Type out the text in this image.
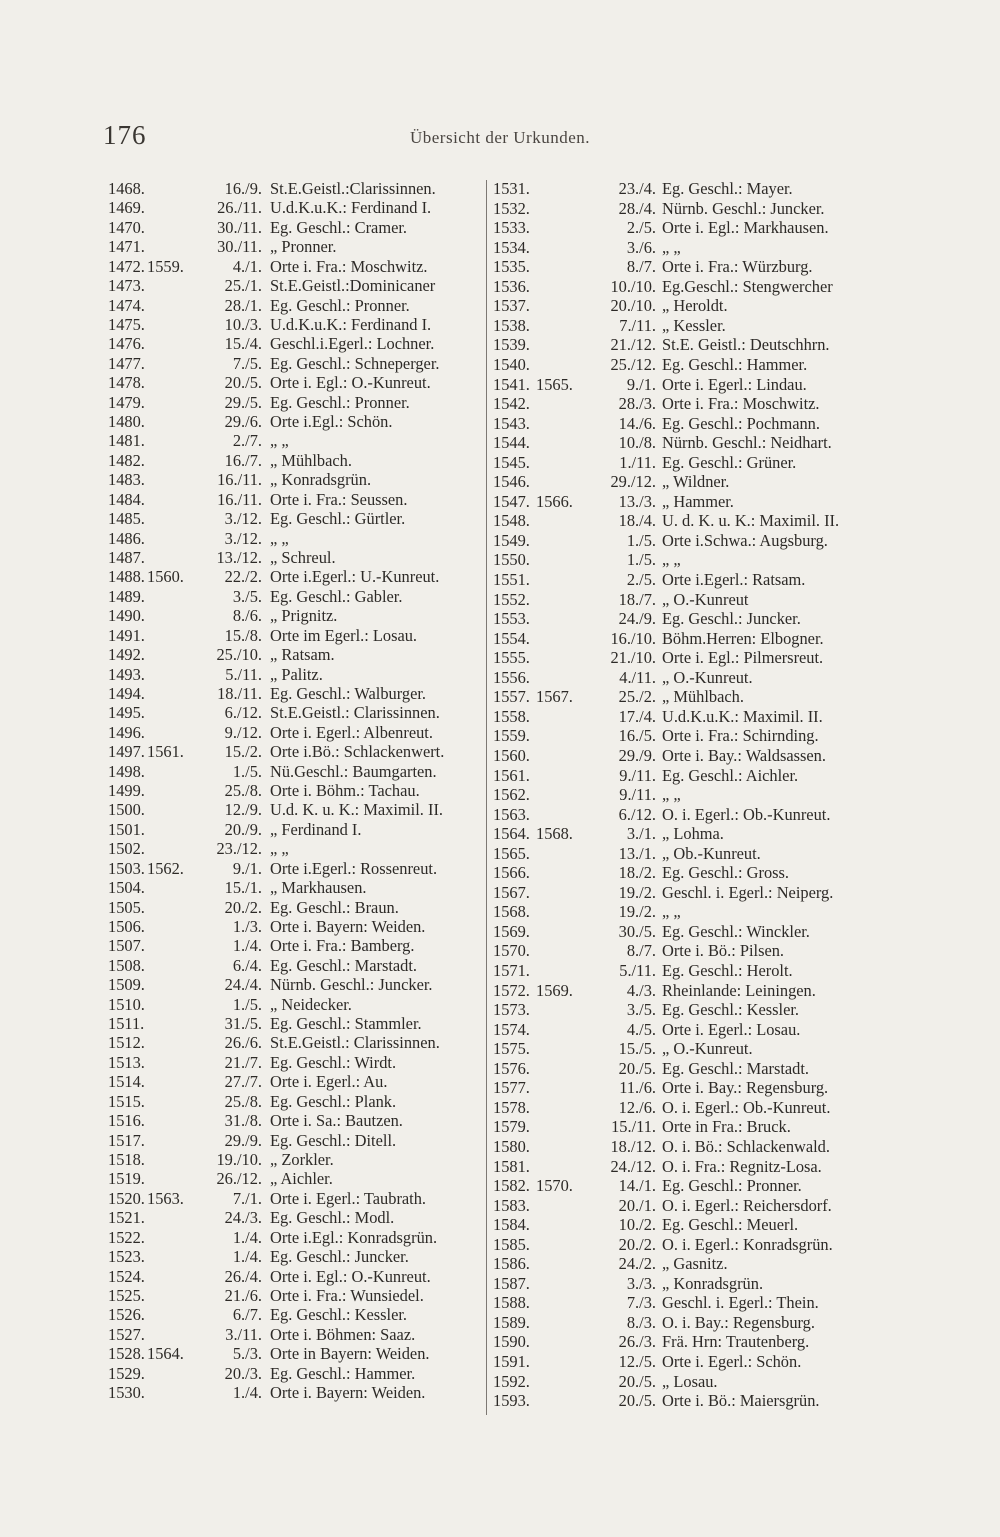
176	Übersicht der Urkunden.
1468.	16./9. St.E.Geistl.:Clarissinnen.
1469.	26./11. U.d.K.u.K.: Ferdinand I.
1470.	30./11. Eg. Geschl.: Cramer.
1471.	30./11. „ Pronner.
1472. 1559.	4./1. Orte i. Fra.: Moschwitz.
1473.	25./1. St.E.Geistl.:Dominicaner
1474.	28./1. Eg. Geschl.: Pronner.
1475.	10./3. U.d.K.u.K.: Ferdinand I.
1476.	15./4. Geschl.i.Egerl.: Lochner.
1477.	7./5. Eg. Geschl.: Schneperger.
1478.	20./5. Orte i. Egl.: O.-Kunreut.
1479.	29./5. Eg. Geschl.: Pronner.
1480.	29./6. Orte i.Egl.: Schön.
1481.	2./7. „ „
1482.	16./7. „ Mühlbach.
1483.	16./11. „ Konradsgrün.
1484.	16./11. Orte i. Fra.: Seussen.
1485.	3./12. Eg. Geschl.: Gürtler.
1486.	3./12. „ „
1487.	13./12. „ Schreul.
1488. 1560.	22./2. Orte i.Egerl.: U.-Kunreut.
1489.	3./5. Eg. Geschl.: Gabler.
1490.	8./6. „ Prignitz.
1491.	15./8. Orte im Egerl.: Losau.
1492.	25./10. „ Ratsam.
1493.	5./11. „ Palitz.
1494.	18./11. Eg. Geschl.: Walburger.
1495.	6./12. St.E.Geistl.: Clarissinnen.
1496.	9./12. Orte i. Egerl.: Albenreut.
1497. 1561.	15./2. Orte i.Bö.: Schlackenwert.
1498.	1./5. Nü.Geschl.: Baumgarten.
1499.	25./8. Orte i. Böhm.: Tachau.
1500.	12./9. U.d. K. u. K.: Maximil. II.
1501.	20./9. „ Ferdinand I.
1502.	23./12. „ „
1503. 1562.	9./1. Orte i.Egerl.: Rossenreut.
1504.	15./1. „ Markhausen.
1505.	20./2. Eg. Geschl.: Braun.
1506.	1./3. Orte i. Bayern: Weiden.
1507.	1./4. Orte i. Fra.: Bamberg.
1508.	6./4. Eg. Geschl.: Marstadt.
1509.	24./4. Nürnb. Geschl.: Juncker.
1510.	1./5. „ Neidecker.
1511.	31./5. Eg. Geschl.: Stammler.
1512.	26./6. St.E.Geistl.: Clarissinnen.
1513.	21./7. Eg. Geschl.: Wirdt.
1514.	27./7. Orte i. Egerl.: Au.
1515.	25./8. Eg. Geschl.: Plank.
1516.	31./8. Orte i. Sa.: Bautzen.
1517.	29./9. Eg. Geschl.: Ditell.
1518.	19./10. „ Zorkler.
1519.	26./12. „ Aichler.
1520. 1563.	7./1. Orte i. Egerl.: Taubrath.
1521.	24./3. Eg. Geschl.: Modl.
1522.	1./4. Orte i.Egl.: Konradsgrün.
1523.	1./4. Eg. Geschl.: Juncker.
1524.	26./4. Orte i. Egl.: O.-Kunreut.
1525.	21./6. Orte i. Fra.: Wunsiedel.
1526.	6./7. Eg. Geschl.: Kessler.
1527.	3./11. Orte i. Böhmen: Saaz.
1528. 1564.	5./3. Orte in Bayern: Weiden.
1529.	20./3. Eg. Geschl.: Hammer.
1530.	1./4. Orte i. Bayern: Weiden.
1531.	23./4. Eg. Geschl.: Mayer.
1532.	28./4. Nürnb. Geschl.: Juncker.
1533.	2./5. Orte i. Egl.: Markhausen.
1534.	3./6. „ „
1535.	8./7. Orte i. Fra.: Würzburg.
1536.	10./10. Eg.Geschl.: Stengwercher
1537.	20./10. „ Heroldt.
1538.	7./11. „ Kessler.
1539.	21./12. St.E. Geistl.: Deutschhrn.
1540.	25./12. Eg. Geschl.: Hammer.
1541. 1565.	9./1. Orte i. Egerl.: Lindau.
1542.	28./3. Orte i. Fra.: Moschwitz.
1543.	14./6. Eg. Geschl.: Pochmann.
1544.	10./8. Nürnb. Geschl.: Neidhart.
1545.	1./11. Eg. Geschl.: Grüner.
1546.	29./12. „ Wildner.
1547. 1566.	13./3. „ Hammer.
1548.	18./4. U. d. K. u. K.: Maximil. II.
1549.	1./5. Orte i.Schwa.: Augsburg.
1550.	1./5. „ „
1551.	2./5. Orte i.Egerl.: Ratsam.
1552.	18./7. „ O.-Kunreut
1553.	24./9. Eg. Geschl.: Juncker.
1554.	16./10. Böhm.Herren: Elbogner.
1555.	21./10. Orte i. Egl.: Pilmersreut.
1556.	4./11. „ O.-Kunreut.
1557. 1567.	25./2. „ Mühlbach.
1558.	17./4. U.d.K.u.K.: Maximil. II.
1559.	16./5. Orte i. Fra.: Schirnding.
1560.	29./9. Orte i. Bay.: Waldsassen.
1561.	9./11. Eg. Geschl.: Aichler.
1562.	9./11. „ „
1563.	6./12. O. i. Egerl.: Ob.-Kunreut.
1564. 1568.	3./1. „ Lohma.
1565.	13./1. „ Ob.-Kunreut.
1566.	18./2. Eg. Geschl.: Gross.
1567.	19./2. Geschl. i. Egerl.: Neiperg.
1568.	19./2. „ „
1569.	30./5. Eg. Geschl.: Winckler.
1570.	8./7. Orte i. Bö.: Pilsen.
1571.	5./11. Eg. Geschl.: Herolt.
1572. 1569.	4./3. Rheinlande: Leiningen.
1573.	3./5. Eg. Geschl.: Kessler.
1574.	4./5. Orte i. Egerl.: Losau.
1575.	15./5. „ O.-Kunreut.
1576.	20./5. Eg. Geschl.: Marstadt.
1577.	11./6. Orte i. Bay.: Regensburg.
1578.	12./6. O. i. Egerl.: Ob.-Kunreut.
1579.	15./11. Orte in Fra.: Bruck.
1580.	18./12. O. i. Bö.: Schlackenwald.
1581.	24./12. O. i. Fra.: Regnitz-Losa.
1582. 1570.	14./1. Eg. Geschl.: Pronner.
1583.	20./1. O. i. Egerl.: Reichersdorf.
1584.	10./2. Eg. Geschl.: Meuerl.
1585.	20./2. O. i. Egerl.: Konradsgrün.
1586.	24./2. „ Gasnitz.
1587.	3./3. „ Konradsgrün.
1588.	7./3. Geschl. i. Egerl.: Thein.
1589.	8./3. O. i. Bay.: Regensburg.
1590.	26./3. Frä. Hrn: Trautenberg.
1591.	12./5. Orte i. Egerl.: Schön.
1592.	20./5. „ Losau.
1593.	20./5. Orte i. Bö.: Maiersgrün.
